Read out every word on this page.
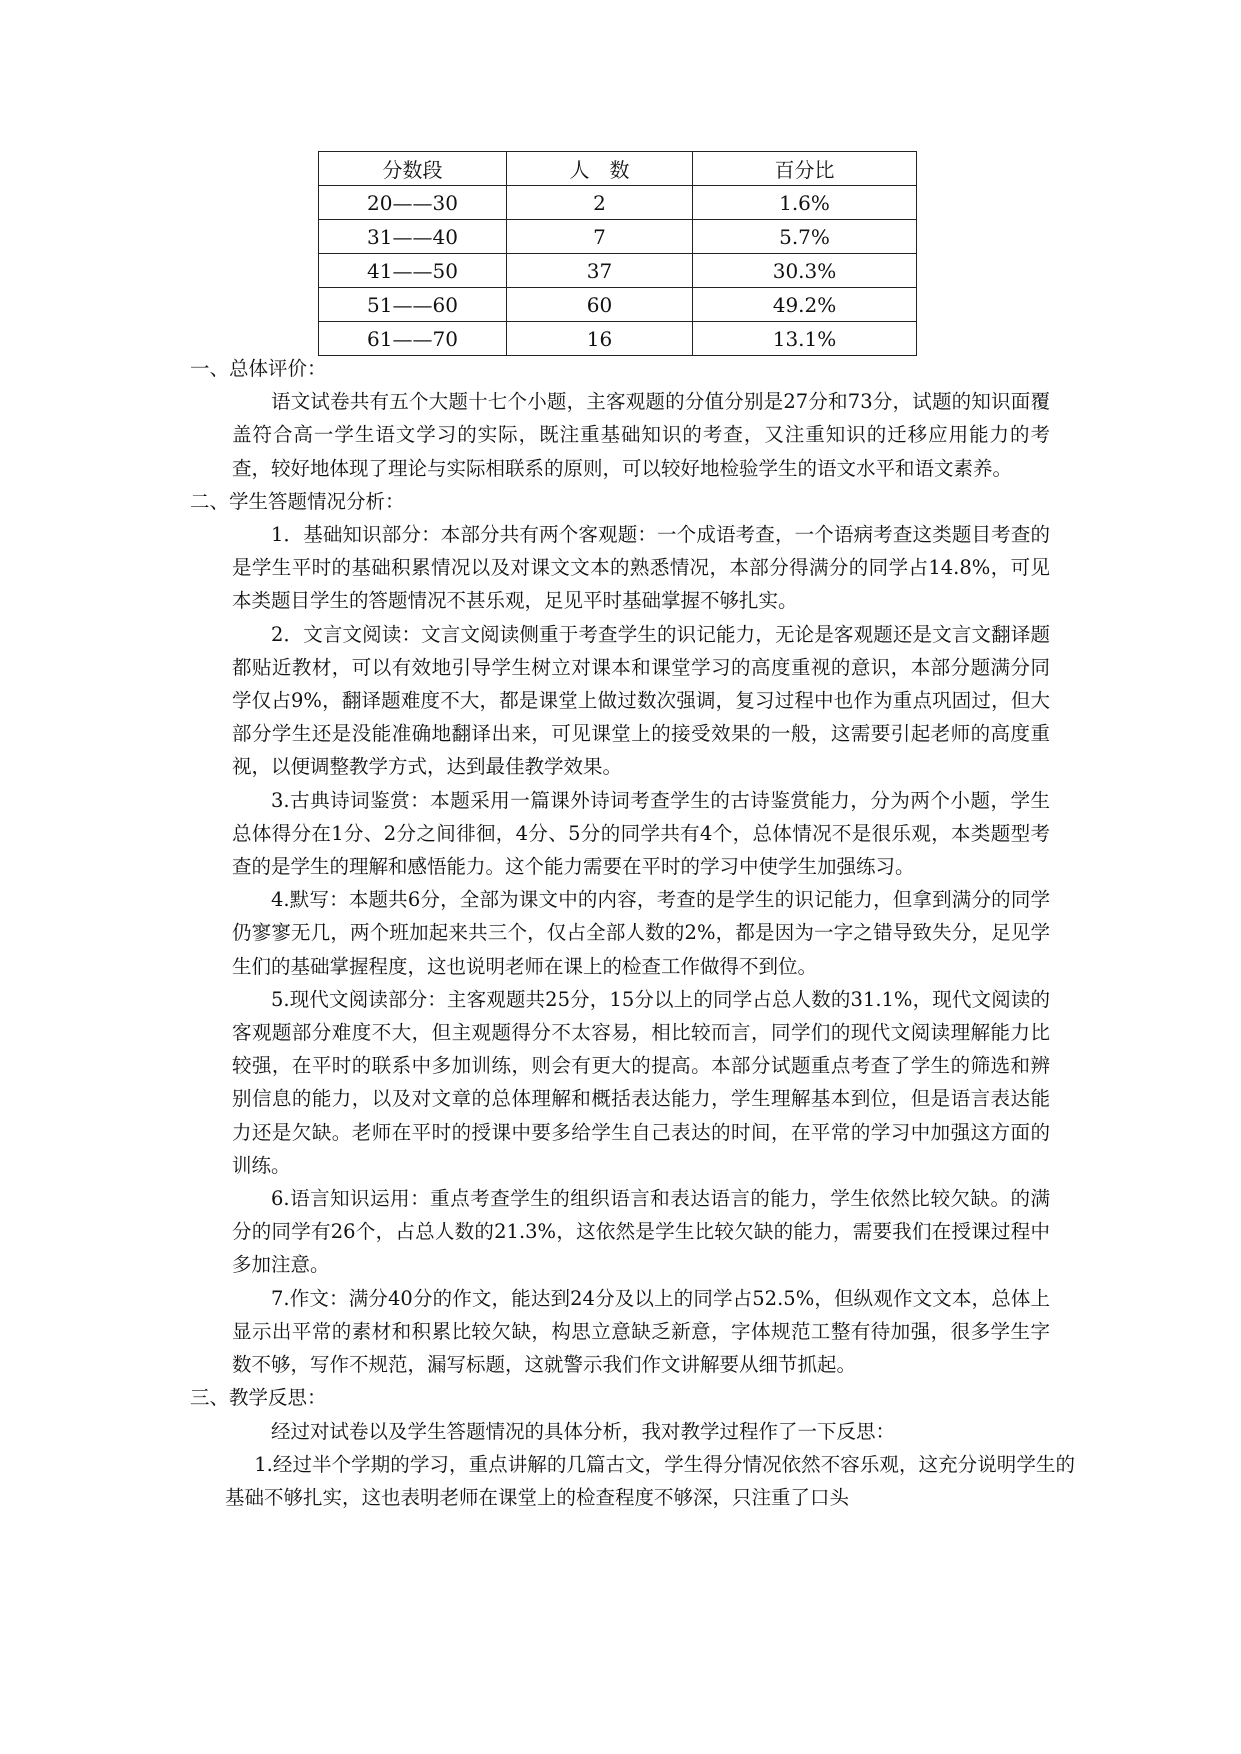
分数段	人　数	百分比
20——30	2	1.6%
31——40	7	5.7%
41——50	37	30.3%
51——60	60	49.2%
61——70	16	13.1%

一、总体评价：

语文试卷共有五个大题十七个小题，主客观题的分值分别是27分和73分，试题的知识面覆盖符合高一学生语文学习的实际，既注重基础知识的考查，又注重知识的迁移应用能力的考查，较好地体现了理论与实际相联系的原则，可以较好地检验学生的语文水平和语文素养。

二、学生答题情况分析：

1．基础知识部分：本部分共有两个客观题：一个成语考查，一个语病考查这类题目考查的是学生平时的基础积累情况以及对课文文本的熟悉情况，本部分得满分的同学占14.8%，可见本类题目学生的答题情况不甚乐观，足见平时基础掌握不够扎实。

2．文言文阅读：文言文阅读侧重于考查学生的识记能力，无论是客观题还是文言文翻译题都贴近教材，可以有效地引导学生树立对课本和课堂学习的高度重视的意识，本部分题满分同学仅占9%，翻译题难度不大，都是课堂上做过数次强调，复习过程中也作为重点巩固过，但大部分学生还是没能准确地翻译出来，可见课堂上的接受效果的一般，这需要引起老师的高度重视，以便调整教学方式，达到最佳教学效果。

3.古典诗词鉴赏：本题采用一篇课外诗词考查学生的古诗鉴赏能力，分为两个小题，学生总体得分在1分、2分之间徘徊，4分、5分的同学共有4个，总体情况不是很乐观，本类题型考查的是学生的理解和感悟能力。这个能力需要在平时的学习中使学生加强练习。

4.默写：本题共6分，全部为课文中的内容，考查的是学生的识记能力，但拿到满分的同学仍寥寥无几，两个班加起来共三个，仅占全部人数的2%，都是因为一字之错导致失分，足见学生们的基础掌握程度，这也说明老师在课上的检查工作做得不到位。

5.现代文阅读部分：主客观题共25分，15分以上的同学占总人数的31.1%，现代文阅读的客观题部分难度不大，但主观题得分不太容易，相比较而言，同学们的现代文阅读理解能力比较强，在平时的联系中多加训练，则会有更大的提高。本部分试题重点考查了学生的筛选和辨别信息的能力，以及对文章的总体理解和概括表达能力，学生理解基本到位，但是语言表达能力还是欠缺。老师在平时的授课中要多给学生自己表达的时间，在平常的学习中加强这方面的训练。

6.语言知识运用：重点考查学生的组织语言和表达语言的能力，学生依然比较欠缺。的满分的同学有26个，占总人数的21.3%，这依然是学生比较欠缺的能力，需要我们在授课过程中多加注意。

7.作文：满分40分的作文，能达到24分及以上的同学占52.5%，但纵观作文文本，总体上显示出平常的素材和积累比较欠缺，构思立意缺乏新意，字体规范工整有待加强，很多学生字数不够，写作不规范，漏写标题，这就警示我们作文讲解要从细节抓起。

三、教学反思：

经过对试卷以及学生答题情况的具体分析，我对教学过程作了一下反思：

1.经过半个学期的学习，重点讲解的几篇古文，学生得分情况依然不容乐观，这充分说明学生的基础不够扎实，这也表明老师在课堂上的检查程度不够深，只注重了口头
